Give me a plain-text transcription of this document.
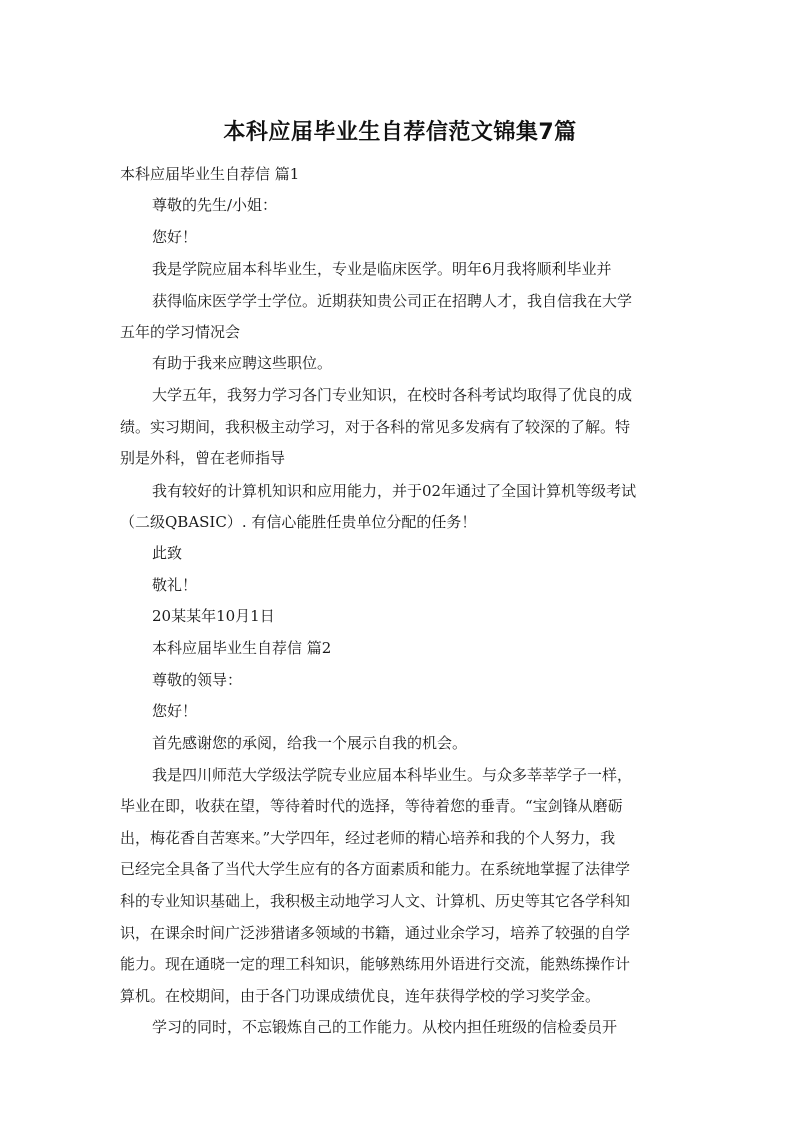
本科应届毕业生自荐信范文锦集7篇
本科应届毕业生自荐信 篇1
尊敬的先生/小姐：
您好！
我是学院应届本科毕业生，专业是临床医学。明年6月我将顺利毕业并
获得临床医学学士学位。近期获知贵公司正在招聘人才，我自信我在大学
五年的学习情况会
有助于我来应聘这些职位。
大学五年，我努力学习各门专业知识，在校时各科考试均取得了优良的成
绩。实习期间，我积极主动学习，对于各科的常见多发病有了较深的了解。特
别是外科，曾在老师指导
我有较好的计算机知识和应用能力，并于02年通过了全国计算机等级考试
（二级QBASIC）. 有信心能胜任贵单位分配的任务！
此致
敬礼！
20某某年10月1日
本科应届毕业生自荐信 篇2
尊敬的领导：
您好！
首先感谢您的承阅，给我一个展示自我的机会。
我是四川师范大学级法学院专业应届本科毕业生。与众多莘莘学子一样，
毕业在即，收获在望，等待着时代的选择，等待着您的垂青。“宝剑锋从磨砺
出，梅花香自苦寒来。”大学四年，经过老师的精心培养和我的个人努力，我
已经完全具备了当代大学生应有的各方面素质和能力。在系统地掌握了法律学
科的专业知识基础上，我积极主动地学习人文、计算机、历史等其它各学科知
识，在课余时间广泛涉猎诸多领域的书籍，通过业余学习，培养了较强的自学
能力。现在通晓一定的理工科知识，能够熟练用外语进行交流，能熟练操作计
算机。在校期间，由于各门功课成绩优良，连年获得学校的学习奖学金。
学习的同时，不忘锻炼自己的工作能力。从校内担任班级的信检委员开
